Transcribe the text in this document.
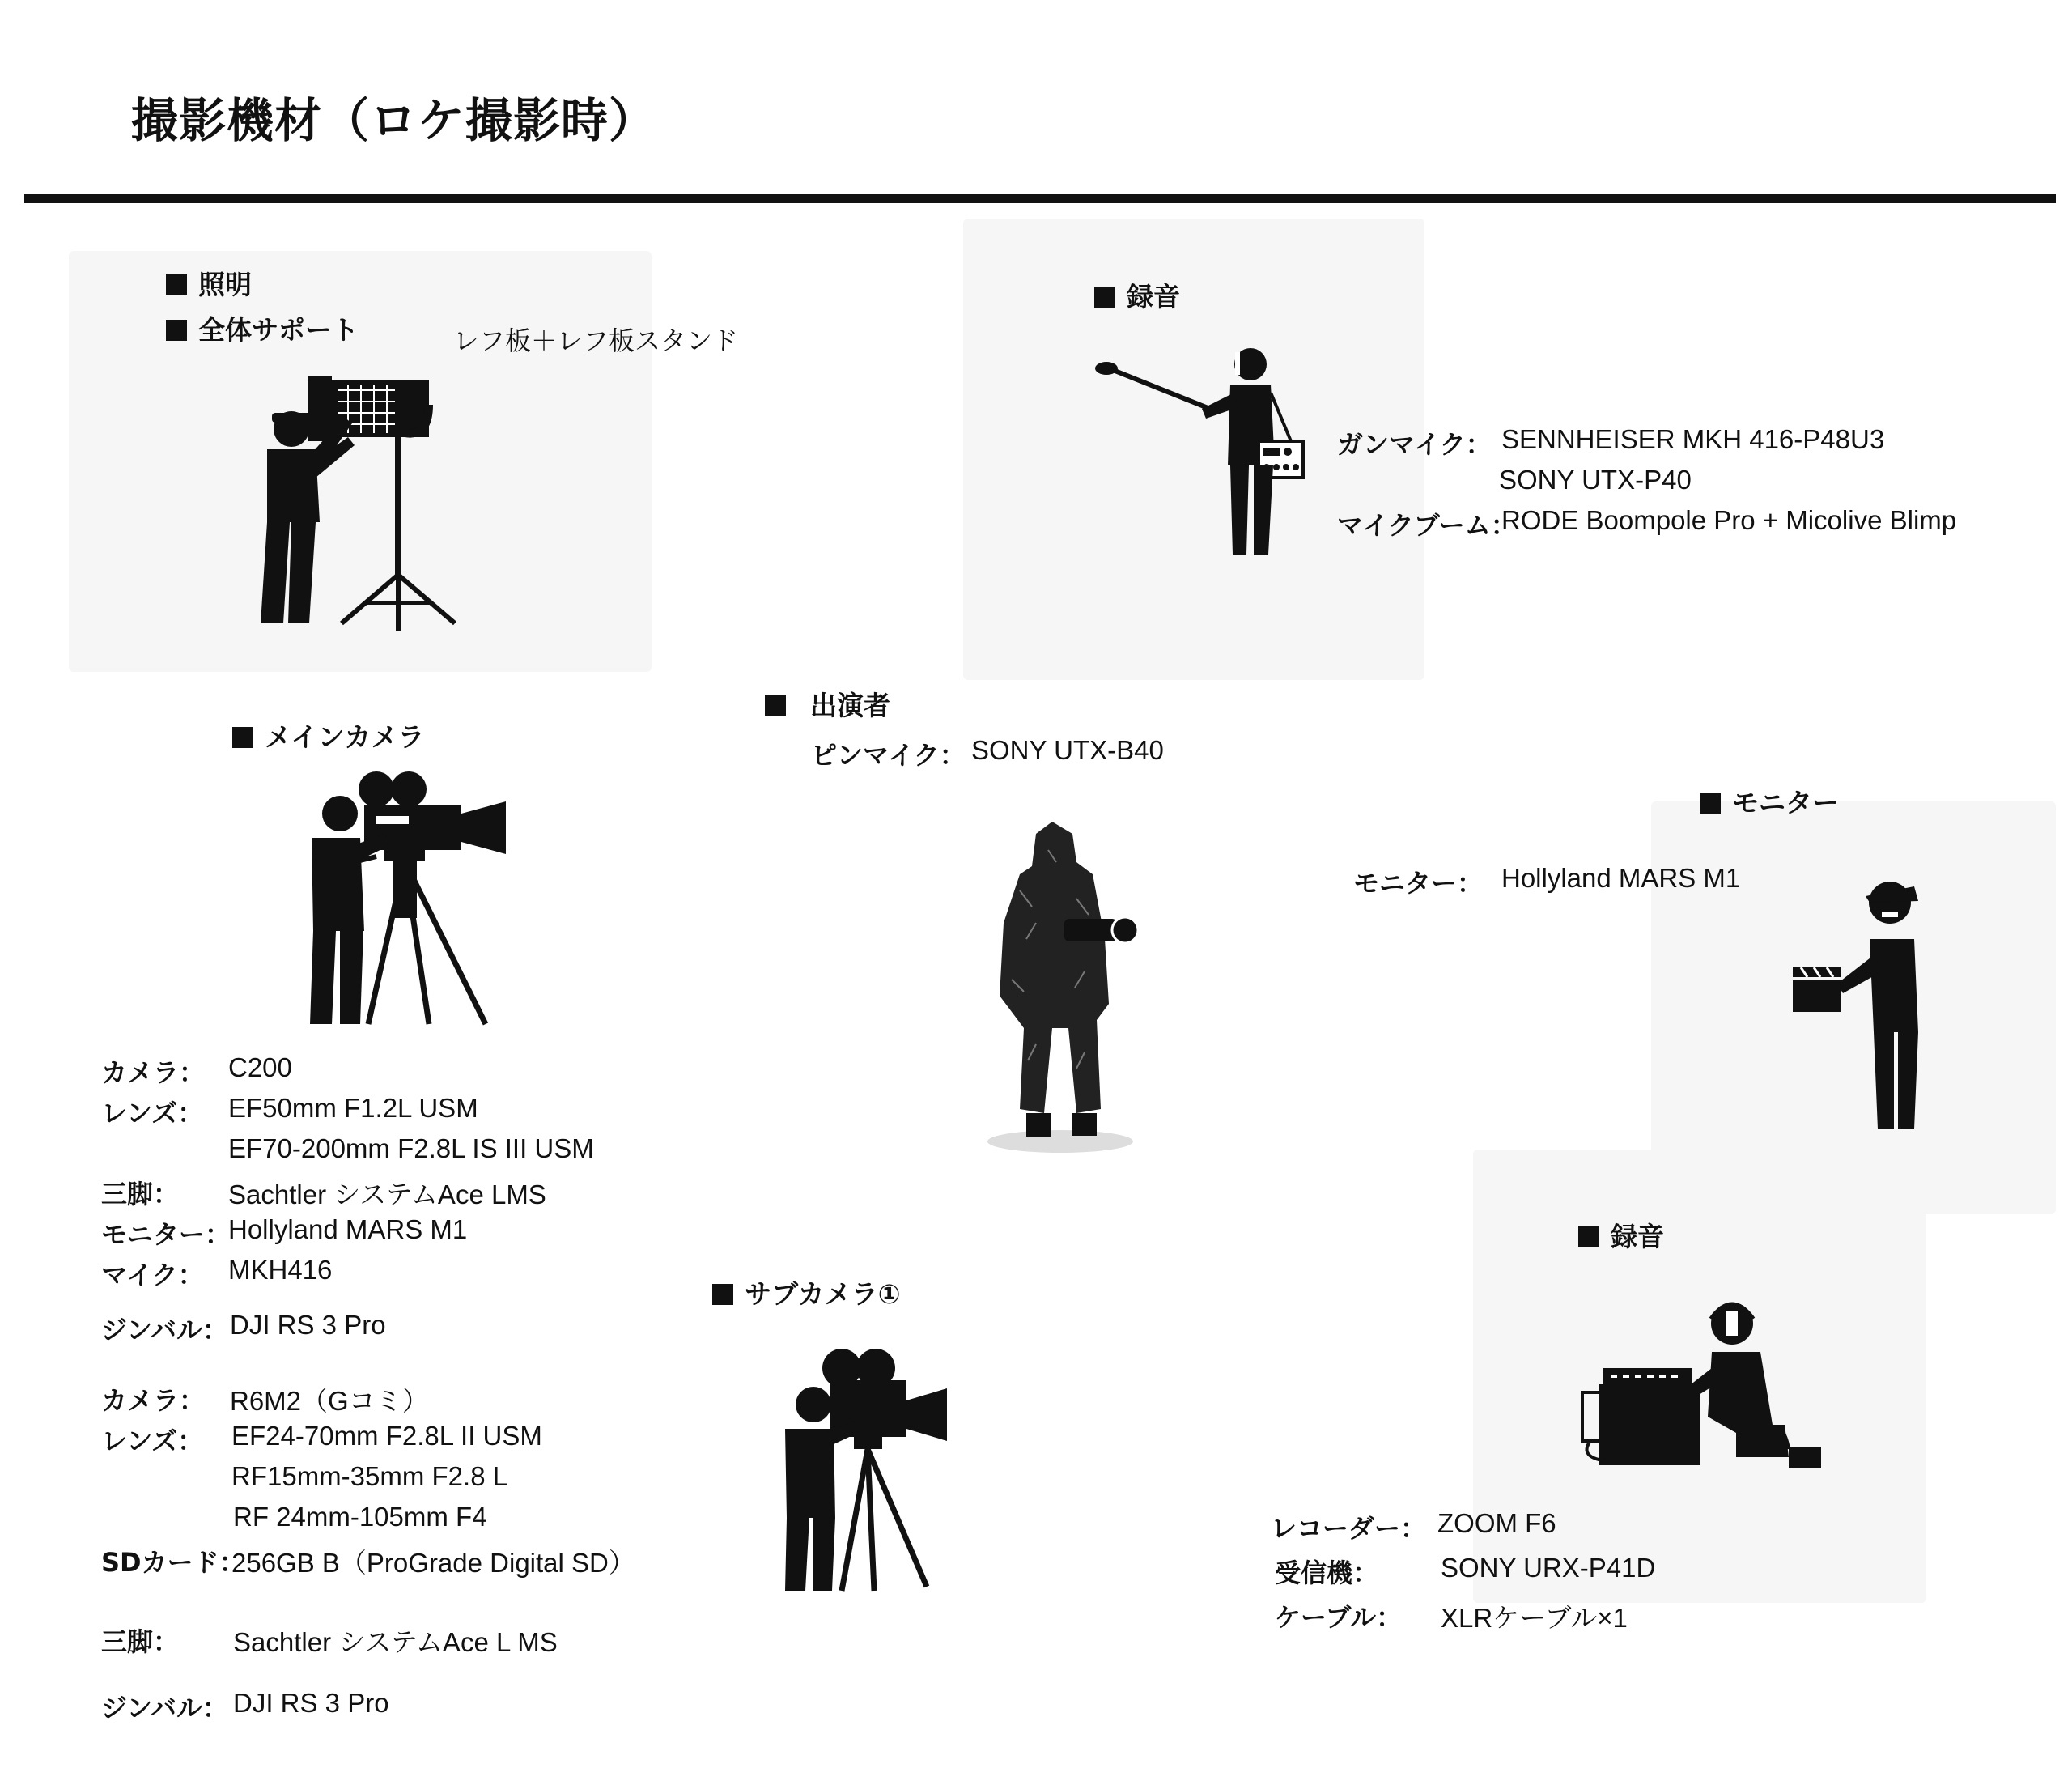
撮影機材（ロケ撮影時）
照明
全体サポート	レフ板＋レフ板スタンド
録音
ガンマイク： SENNHEISER MKH 416-P48U3
SONY UTX-P40
マイクブーム：
RODE Boompole Pro + Micolive Blimp
メインカメラ
カメラ： C200
レンズ： EF50mm F1.2L USM
EF70-200mm F2.8L IS III USM
三脚： Sachtler システムAce LMS
モニター：
Hollyland MARS M1
マイク： MKH416
ジンバル： DJI RS 3 Pro
出演者
ピンマイク： SONY UTX-B40
モニター
モニター： Hollyland MARS M1
サブカメラ①
カメラ： R6M2（Gコミ）
レンズ： EF24-70mm F2.8L II USM
RF15mm-35mm F2.8 L
RF 24mm-105mm F4
SDカード：
256GB B（ProGrade Digital SD）
三脚： Sachtler システムAce L MS
ジンバル： DJI RS 3 Pro
録音
レコーダー： ZOOM F6
受信機： SONY URX-P41D
ケーブル： XLRケーブル×1
